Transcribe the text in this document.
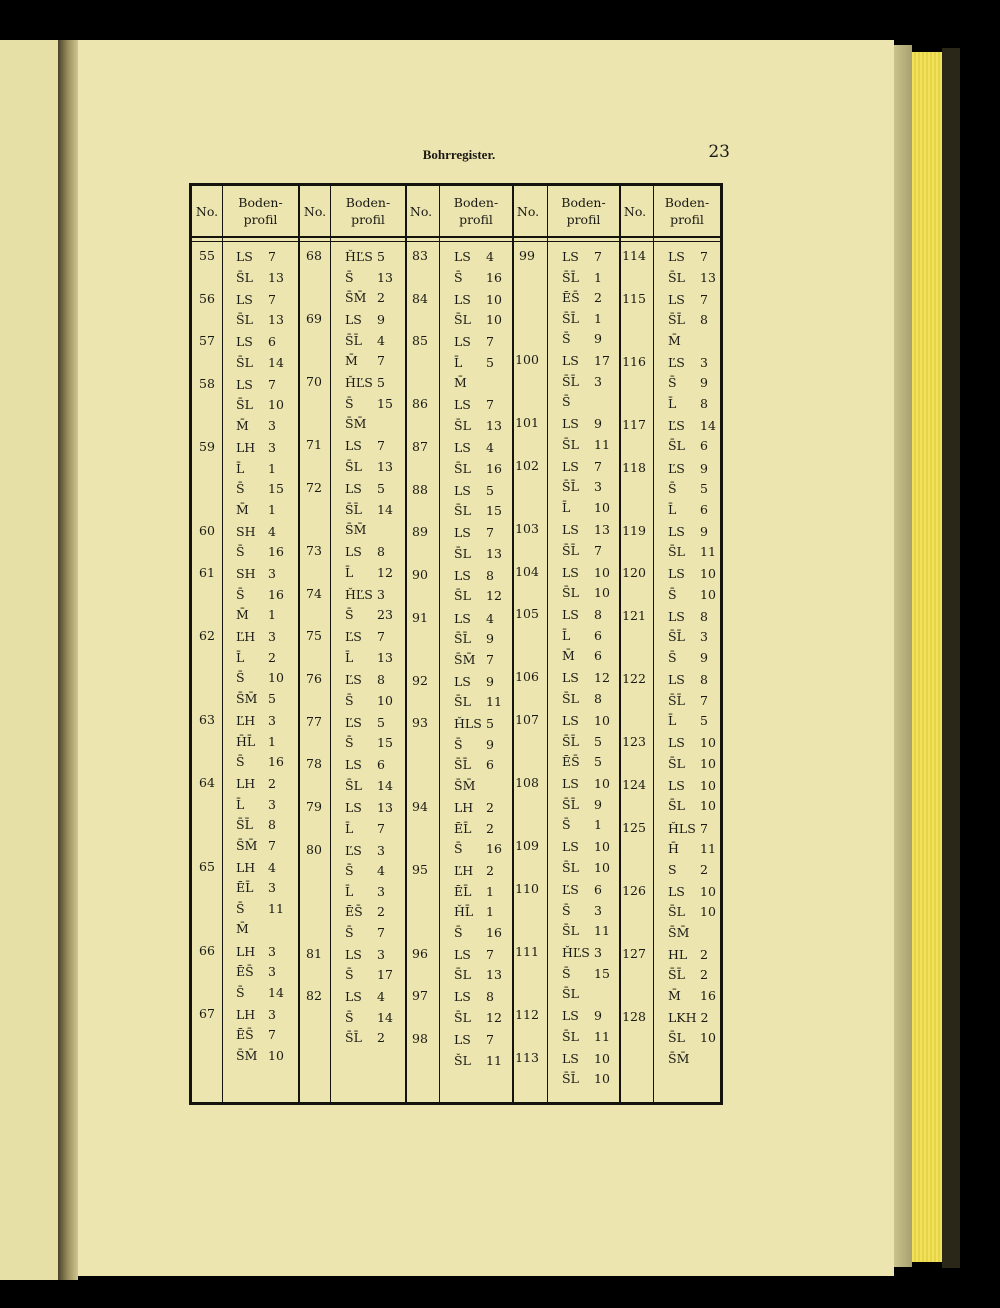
Bohrregister.	23
No.
Boden-
profil
No.
Boden-
profil
No.
Boden-
profil
No.
Boden-
profil
No.
Boden-
profil
55	LS 7
S̄L 13
56	LS 7
S̄L 13
57	LS 6
S̄L 14
58	LS 7
S̄L 10
M̄ 3
59	LH 3
L̄ 1
S̄ 15
M̄ 1
60	SH 4
S̄ 16
61	SH 3
S̄ 16
M̄ 1
62	ĽH 3
L̄ 2
S̄ 10
S̄M̄ 5
63	ĽH 3
H̄L̄ 1
S̄ 16
64	LH 2
L̄ 3
S̄L̄ 8
S̄M̄ 7
65	LH 4
ĒL̄ 3
S̄ 11
M̄
66	LH 3
ĒS̄ 3
S̄ 14
67	LH 3
ĒS̄ 7
S̄M̄ 10
68	ȞĽS 5
S̄ 13
S̄M̄ 2
69	LS 9
S̄L̄ 4
M̄ 7
70	ȞĽS 5
S̄ 15
S̄M̄
71	LS 7
S̄L 13
72	LS 5
S̄L̄ 14
S̄M̄
73	LS 8
L̄ 12
74	ȞĽS 3
S̄ 23
75	ĽS 7
L̄ 13
76	ĽS 8
S̄ 10
77	ĽS 5
S̄ 15
78	LS 6
S̄L 14
79	LS 13
L̄ 7
80	ĽS 3
S̄ 4
L̄ 3
ĒS̄ 2
S̄ 7
81	LS 3
S̄ 17
82	LS 4
S̄ 14
S̄L̄ 2
83	LS 4
S̄ 16
84	LS 10
S̄L 10
85	LS 7
L̄ 5
M̄
86	LS 7
S̄L 13
87	LS 4
S̄L 16
88	LS 5
S̄L 15
89	LS 7
S̄L 13
90	LS 8
S̄L 12
91	LS 4
S̄L̄ 9
S̄M̄ 7
92	LS 9
S̄L 11
93	ȞLS 5
S̄ 9
S̄L̄ 6
S̄M̄
94	LH 2
ĒL̄ 2
S̄ 16
95	ĽH 2
ĒL̄ 1
ȞL̄ 1
S̄ 16
96	LS 7
S̄L 13
97	LS 8
S̄L 12
98	LS 7
ŠL 11
99	LS 7
S̄L̄ 1
ĒS̄ 2
S̄L̄ 1
S̄ 9
100	LS 17
S̄L̄ 3
S̄
101	LS 9
S̄L 11
102	LS 7
S̄L̄ 3
L̄ 10
103	LS 13
S̄L̄ 7
104	LS 10
S̄L 10
105	LS 8
L̄ 6
M̄ 6
106	LS 12
S̄L 8
107	LS 10
S̄L̄ 5
ĒS̄ 5
108	LS 10
S̄L̄ 9
S̄ 1
109	LS 10
S̄L 10
110	ĽS 6
S̄ 3
S̄L 11
111	ȞĽS 3
S̄ 15
S̄L
112	LS 9
S̄L 11
113	LS 10
S̄L̄ 10
114	LS 7
S̄L 13
115	LS 7
S̄L̄ 8
M̄
116	ĽS 3
S̄ 9
L̄ 8
117	ĽS 14
S̄L 6
118	ĽS 9
S̄ 5
L̄ 6
119	LS 9
S̄L 11
120	LS 10
S̄ 10
121	LS 8
S̄L̄ 3
S̄ 9
122	LS 8
S̄L̄ 7
L̄ 5
123	LS 10
S̄L 10
124	LS 10
S̄L 10
125	ȞLS 7
H̄ 11
S 2
126	LS 10
S̄L 10
S̄M̄
127	HL 2
S̄L̄ 2
M̄ 16
128	LKH 2
S̄L 10
S̄M̄
